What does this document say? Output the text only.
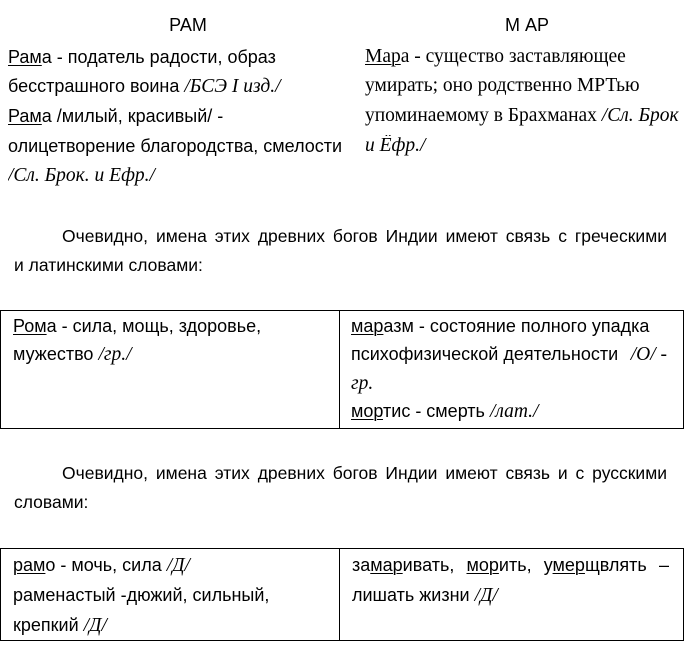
РАМ	М АР
Рама - податель радости, образ
бесстрашного воина /БСЭ I изд./
Рама /милый, красивый/ -
олицетворение благородства, смелости
/Сл. Брок. и Ефр./
Мара - существо заставляющее
умирать; оно родственно МРТью
упоминаемому в Брахманах /Сл. Брок
и Ёфр./
Очевидно, имена этих древних богов Индии имеют связь с греческими
и латинскими словами:
Рома - сила, мощь, здоровье,
мужество /гр./
маразм - состояние полного упадка
психофизической деятельности /О/ -
гр.
мортис - смерть /лат./
Очевидно, имена этих древних богов Индии имеют связь и с русскими
словами:
рамо - мочь, сила /Д/
раменастый -дюжий, сильный,
крепкий /Д/
замаривать, морить, умерщвлять –
лишать жизни /Д/
